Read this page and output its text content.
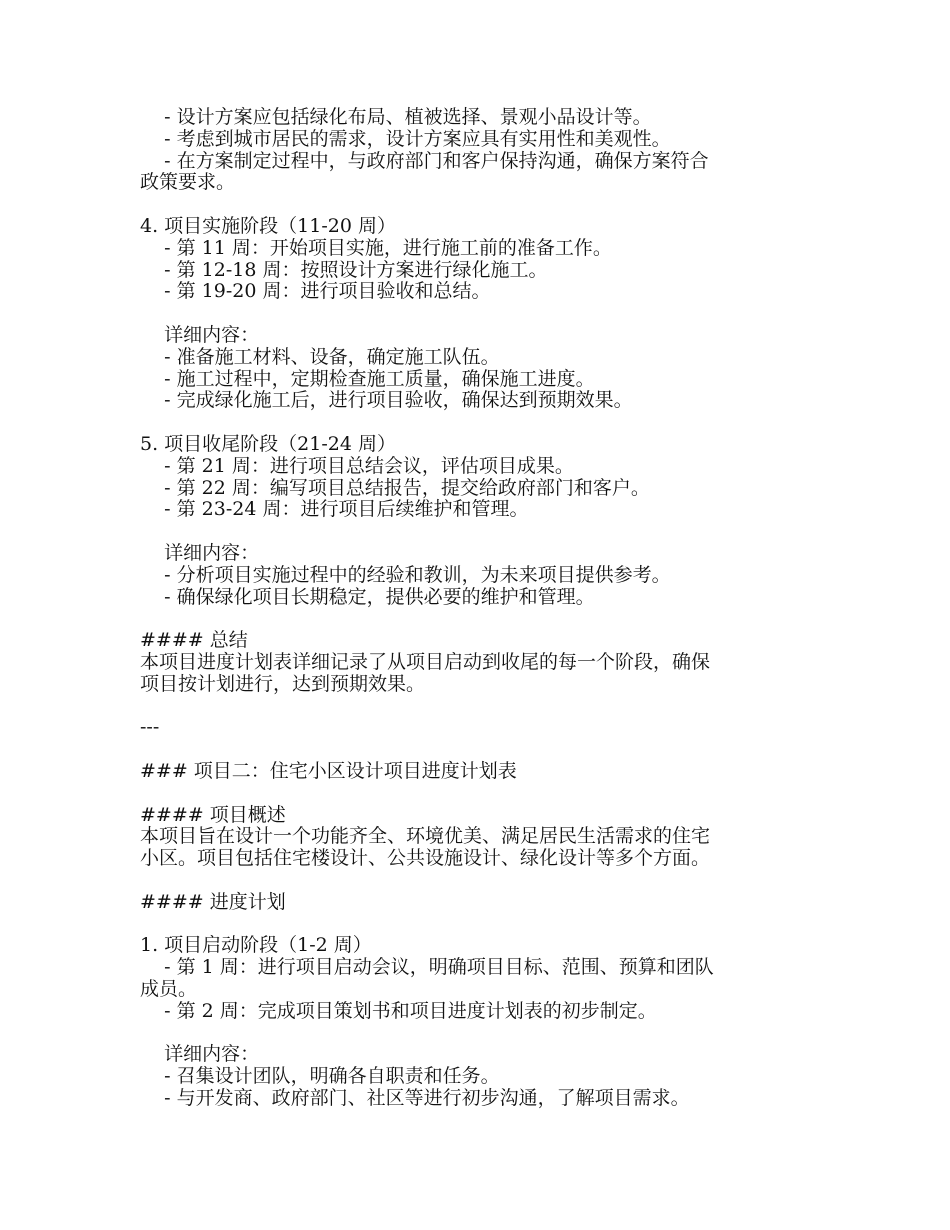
- 设计方案应包括绿化布局、植被选择、景观小品设计等。
- 考虑到城市居民的需求，设计方案应具有实用性和美观性。
- 在方案制定过程中，与政府部门和客户保持沟通，确保方案符合
政策要求。
4. 项目实施阶段（11-20 周）
- 第 11 周：开始项目实施，进行施工前的准备工作。
- 第 12-18 周：按照设计方案进行绿化施工。
- 第 19-20 周：进行项目验收和总结。
详细内容：
- 准备施工材料、设备，确定施工队伍。
- 施工过程中，定期检查施工质量，确保施工进度。
- 完成绿化施工后，进行项目验收，确保达到预期效果。
5. 项目收尾阶段（21-24 周）
- 第 21 周：进行项目总结会议，评估项目成果。
- 第 22 周：编写项目总结报告，提交给政府部门和客户。
- 第 23-24 周：进行项目后续维护和管理。
详细内容：
- 分析项目实施过程中的经验和教训，为未来项目提供参考。
- 确保绿化项目长期稳定，提供必要的维护和管理。
#### 总结
本项目进度计划表详细记录了从项目启动到收尾的每一个阶段，确保
项目按计划进行，达到预期效果。
---
### 项目二：住宅小区设计项目进度计划表
#### 项目概述
本项目旨在设计一个功能齐全、环境优美、满足居民生活需求的住宅
小区。项目包括住宅楼设计、公共设施设计、绿化设计等多个方面。
#### 进度计划
1. 项目启动阶段（1-2 周）
- 第 1 周：进行项目启动会议，明确项目目标、范围、预算和团队
成员。
- 第 2 周：完成项目策划书和项目进度计划表的初步制定。
详细内容：
- 召集设计团队，明确各自职责和任务。
- 与开发商、政府部门、社区等进行初步沟通，了解项目需求。
